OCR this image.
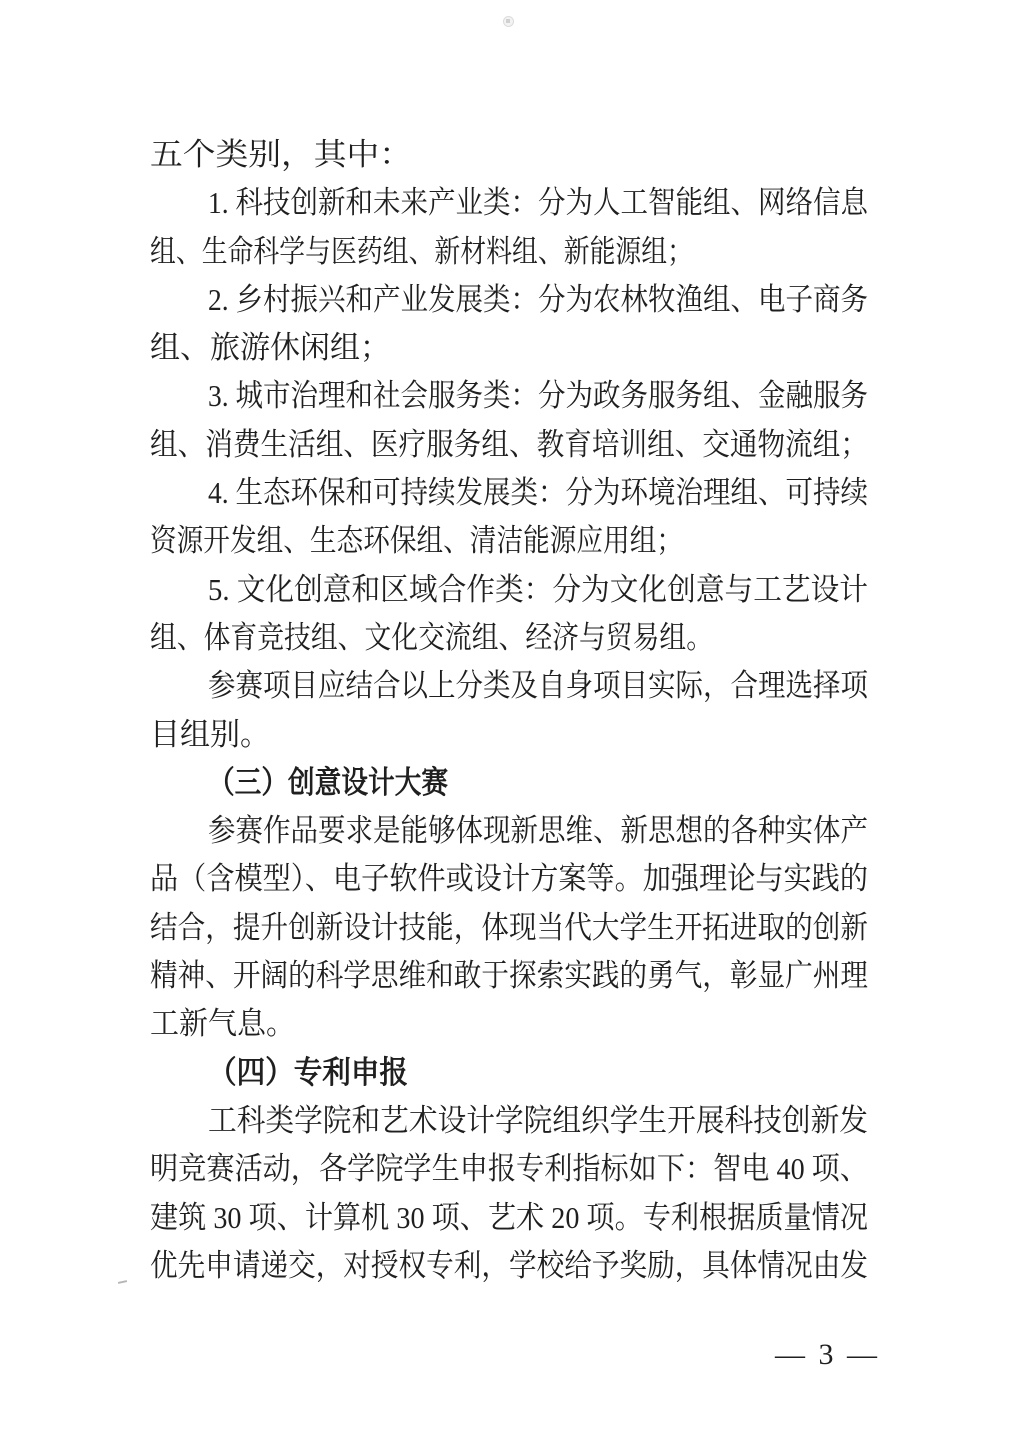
五个类别，其中：
1. 科技创新和未来产业类：分为人工智能组、网络信息
组、生命科学与医药组、新材料组、新能源组；
2. 乡村振兴和产业发展类：分为农林牧渔组、电子商务
组、旅游休闲组；
3. 城市治理和社会服务类：分为政务服务组、金融服务
组、消费生活组、医疗服务组、教育培训组、交通物流组；
4. 生态环保和可持续发展类：分为环境治理组、可持续
资源开发组、生态环保组、清洁能源应用组；
5. 文化创意和区域合作类：分为文化创意与工艺设计
组、体育竞技组、文化交流组、经济与贸易组。
参赛项目应结合以上分类及自身项目实际，合理选择项
目组别。
（三）创意设计大赛
参赛作品要求是能够体现新思维、新思想的各种实体产
品（含模型）、电子软件或设计方案等。加强理论与实践的
结合，提升创新设计技能，体现当代大学生开拓进取的创新
精神、开阔的科学思维和敢于探索实践的勇气，彰显广州理
工新气息。
（四）专利申报
工科类学院和艺术设计学院组织学生开展科技创新发
明竞赛活动，各学院学生申报专利指标如下：智电 40 项、
建筑 30 项、计算机 30 项、艺术 20 项。专利根据质量情况
优先申请递交，对授权专利，学校给予奖励，具体情况由发
— 3 —
